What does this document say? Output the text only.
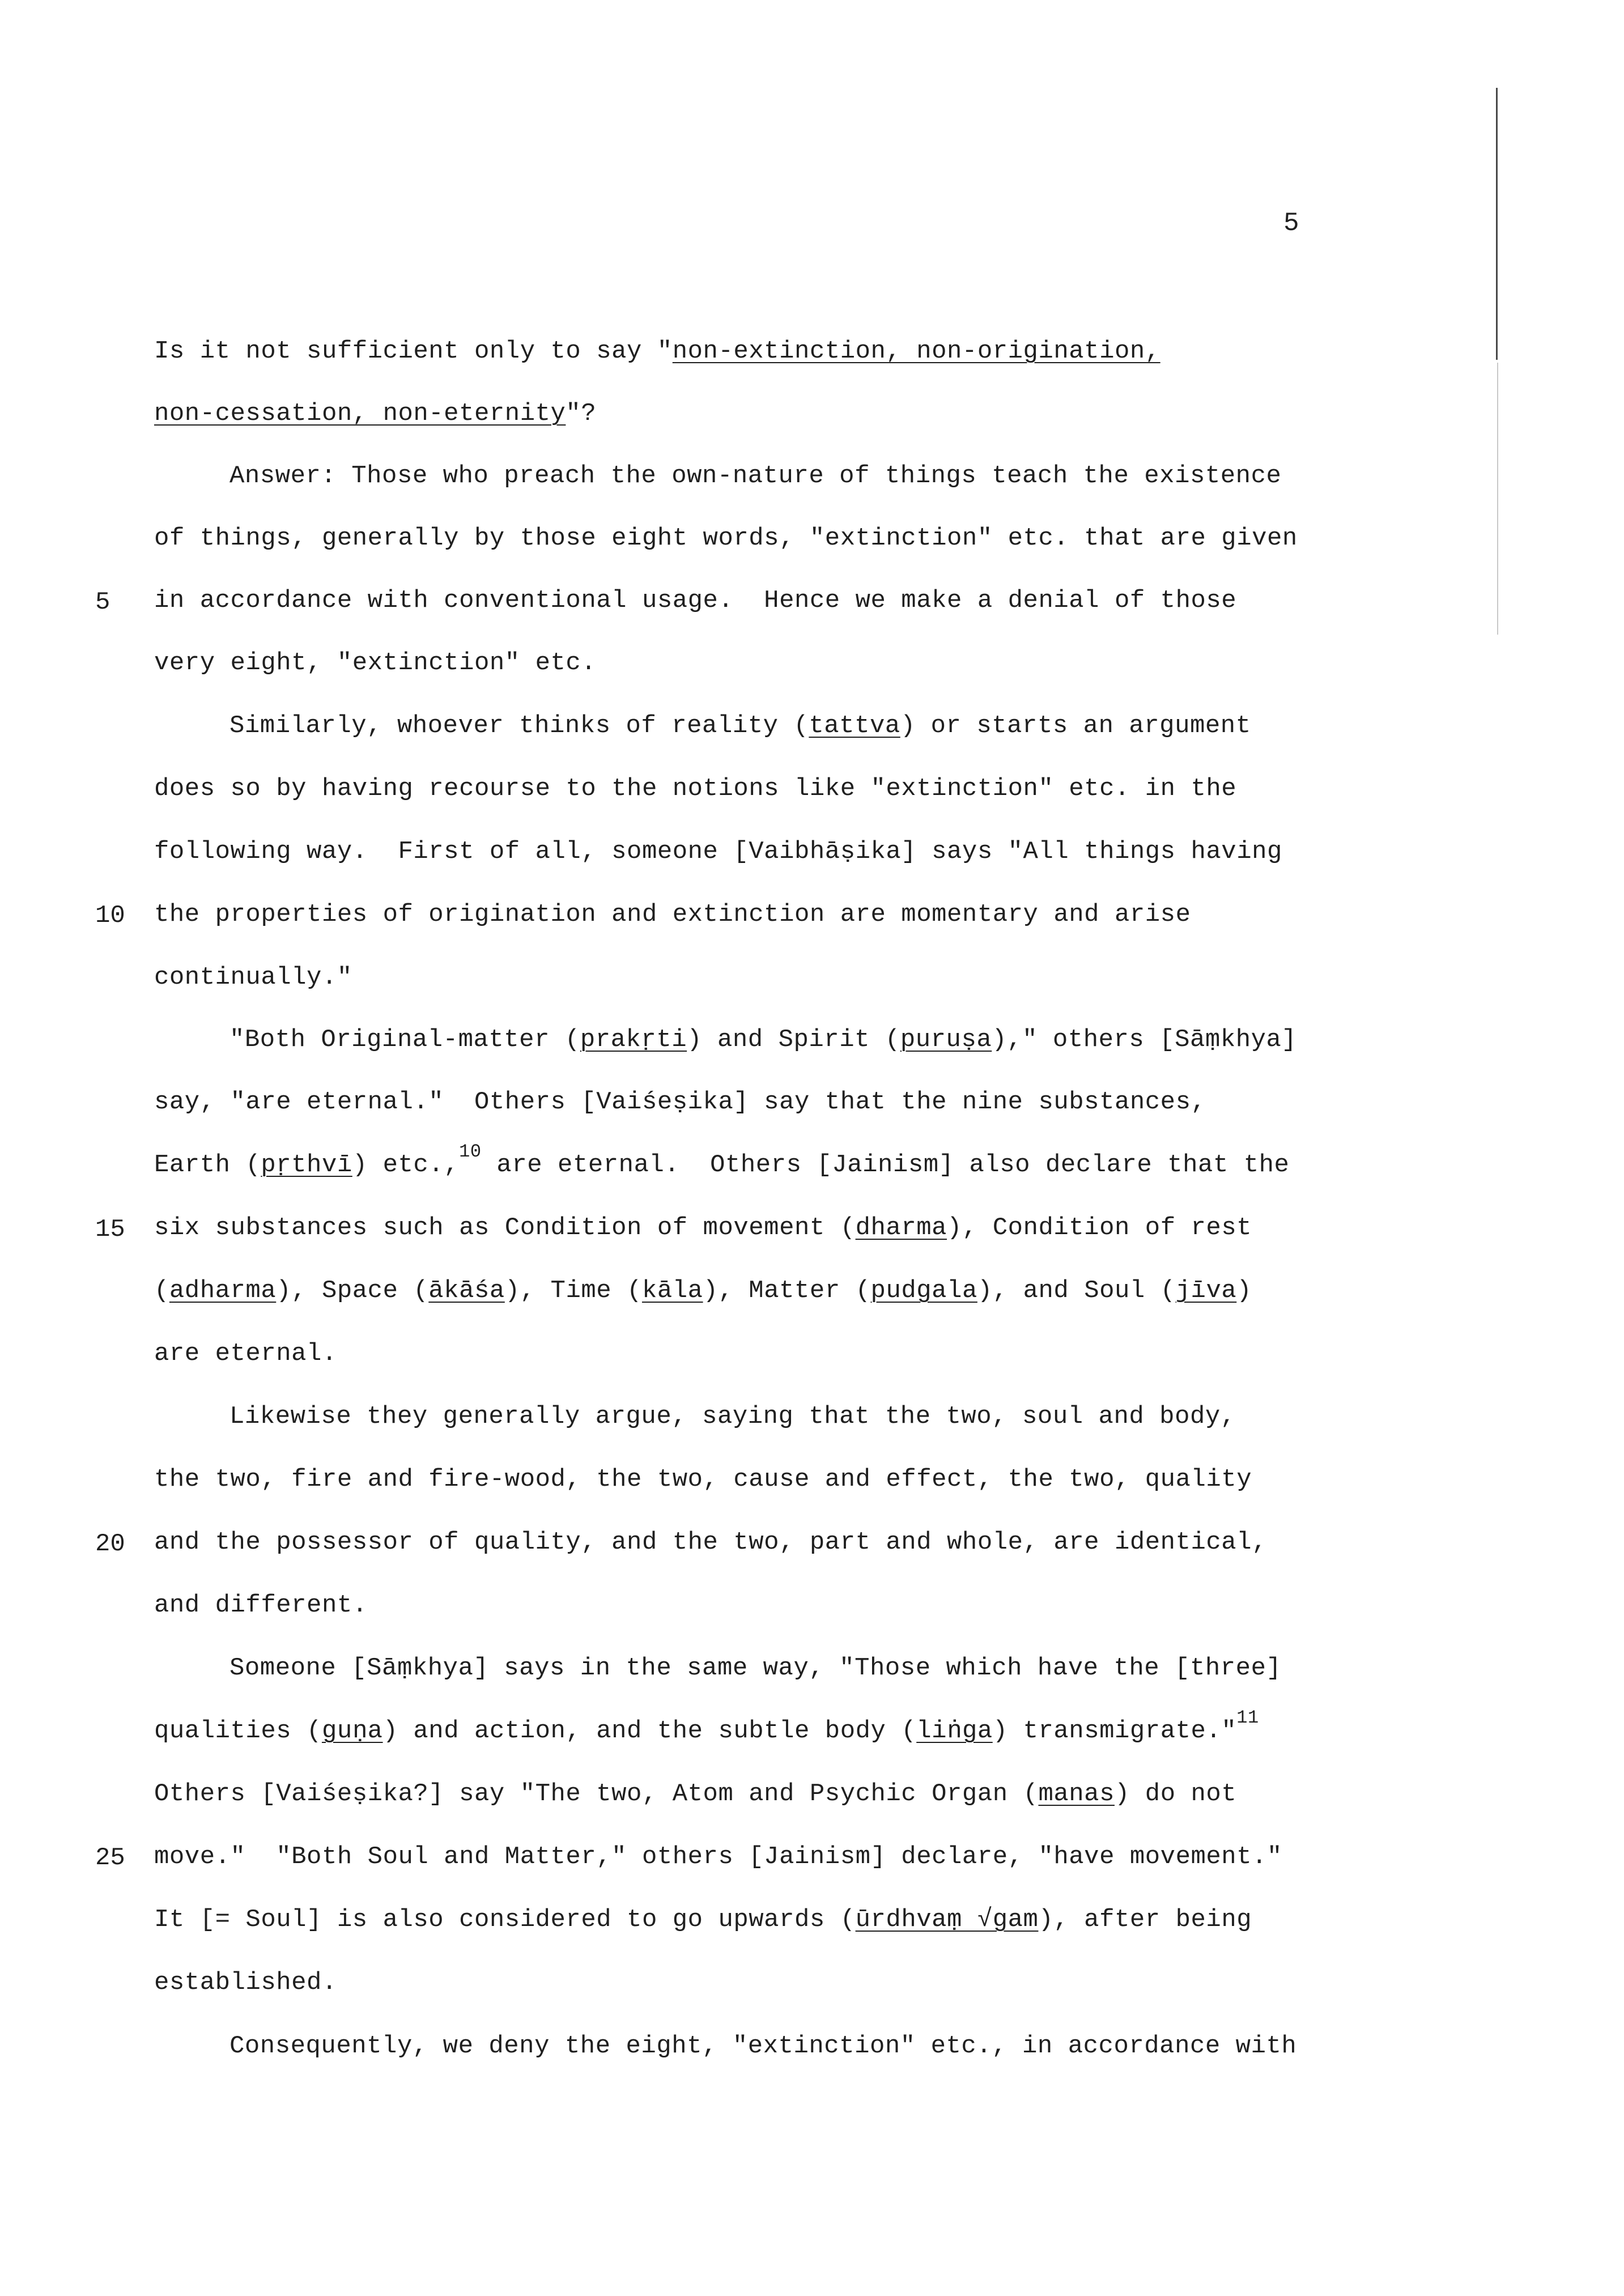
5
5
10
15
20
25
Is it not sufficient only to say "non-extinction, non-origination,
non-cessation, non-eternity"?
Answer: Those who preach the own-nature of things teach the existence
of things, generally by those eight words, "extinction" etc. that are given
in accordance with conventional usage.  Hence we make a denial of those
very eight, "extinction" etc.
Similarly, whoever thinks of reality (tattva) or starts an argument
does so by having recourse to the notions like "extinction" etc. in the
following way.  First of all, someone [Vaibhāṣika] says "All things having
the properties of origination and extinction are momentary and arise
continually."
"Both Original-matter (prakṛti) and Spirit (puruṣa)," others [Sāṃkhya]
say, "are eternal."  Others [Vaiśeṣika] say that the nine substances,
Earth (pṛthvī) etc.,$^{10}$ are eternal.  Others [Jainism] also declare that the
six substances such as Condition of movement (dharma), Condition of rest
(adharma), Space (ākāśa), Time (kāla), Matter (pudgala), and Soul (jīva)
are eternal.
Likewise they generally argue, saying that the two, soul and body,
the two, fire and fire-wood, the two, cause and effect, the two, quality
and the possessor of quality, and the two, part and whole, are identical,
and different.
Someone [Sāṃkhya] says in the same way, "Those which have the [three]
qualities (guṇa) and action, and the subtle body (liṅga) transmigrate."$^{11}$
Others [Vaiśeṣika?] say "The two, Atom and Psychic Organ (manas) do not
move."  "Both Soul and Matter," others [Jainism] declare, "have movement."
It [= Soul] is also considered to go upwards (ūrdhvaṃ √gam), after being
established.
Consequently, we deny the eight, "extinction" etc., in accordance with
